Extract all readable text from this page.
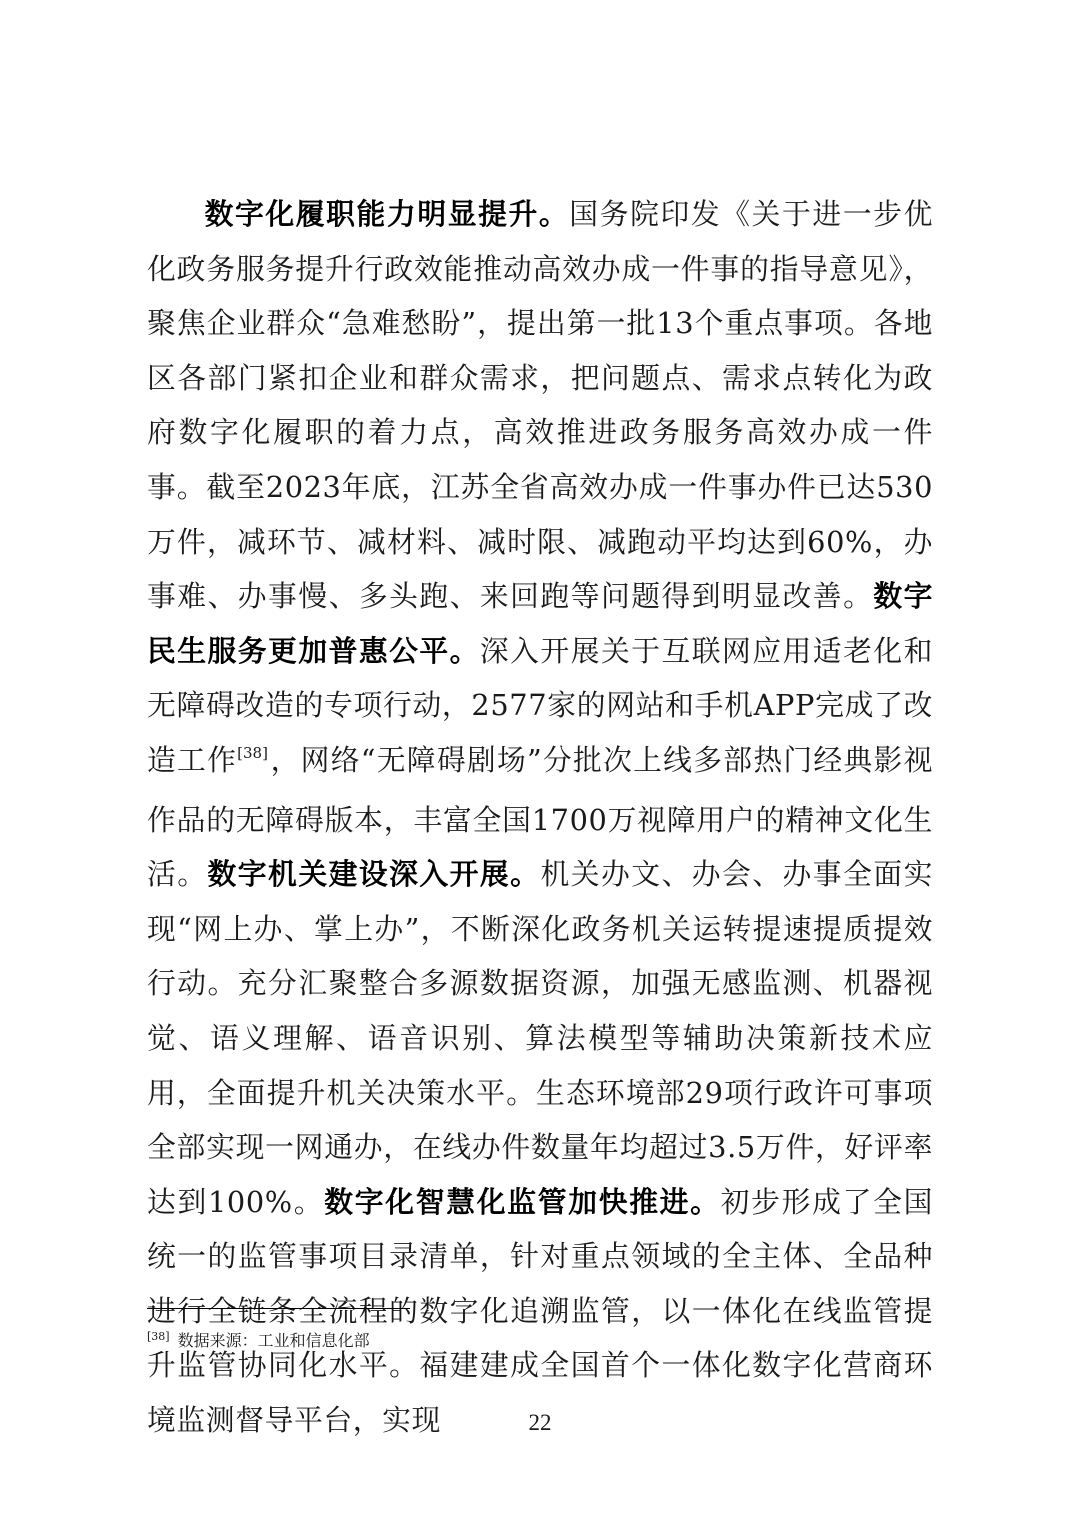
数字化履职能力明显提升。国务院印发《关于进一步优化政务服务提升行政效能推动高效办成一件事的指导意见》，聚焦企业群众“急难愁盼”，提出第一批13个重点事项。各地区各部门紧扣企业和群众需求，把问题点、需求点转化为政府数字化履职的着力点，高效推进政务服务高效办成一件事。截至2023年底，江苏全省高效办成一件事办件已达530万件，减环节、减材料、减时限、减跑动平均达到60%，办事难、办事慢、多头跑、来回跑等问题得到明显改善。数字民生服务更加普惠公平。深入开展关于互联网应用适老化和无障碍改造的专项行动，2577家的网站和手机APP完成了改造工作[38]，网络“无障碍剧场”分批次上线多部热门经典影视作品的无障碍版本，丰富全国1700万视障用户的精神文化生活。数字机关建设深入开展。机关办文、办会、办事全面实现“网上办、掌上办”，不断深化政务机关运转提速提质提效行动。充分汇聚整合多源数据资源，加强无感监测、机器视觉、语义理解、语音识别、算法模型等辅助决策新技术应用，全面提升机关决策水平。生态环境部29项行政许可事项全部实现一网通办，在线办件数量年均超过3.5万件，好评率达到100%。数字化智慧化监管加快推进。初步形成了全国统一的监管事项目录清单，针对重点领域的全主体、全品种进行全链条全流程的数字化追溯监管，以一体化在线监管提升监管协同化水平。福建建成全国首个一体化数字化营商环境监测督导平台，实现

[38] 数据来源：工业和信息化部
22
